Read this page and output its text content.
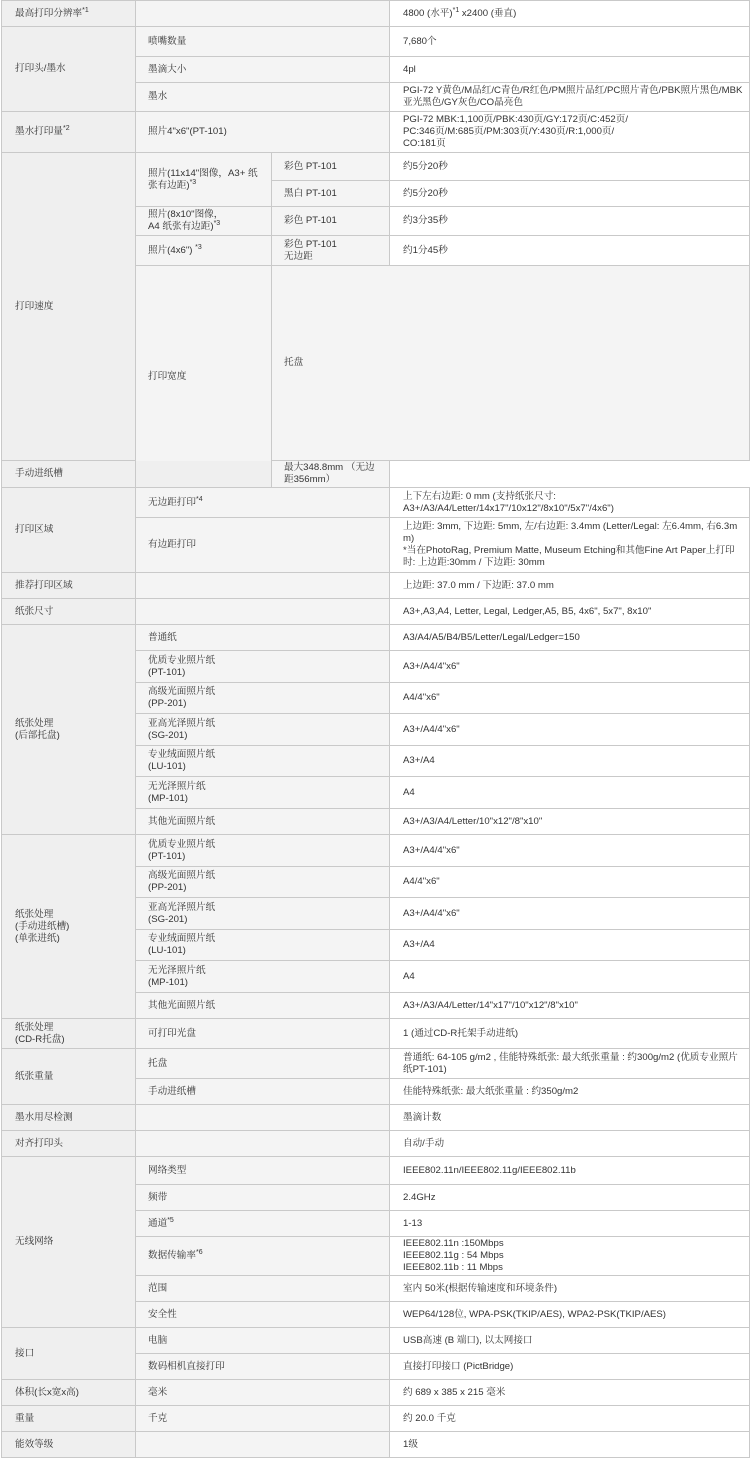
最高打印分辨率$^{*1}$			4800 (水平)$^{*1}$ x2400 (垂直)	
打印头/墨水	喷嘴数量		7,680个	
	墨滴大小		4pl	
	墨水		PGI-72 Y黄色/M品红/C青色/R红色/PM照片品红/PC照片青色/PBK照片黑色/MBK亚光黑色/GY灰色/CO晶亮色	
墨水打印量$^{*2}$	照片4"x6"(PT-101)		PGI-72 MBK:1,100页/PBK:430页/GY:172页/C:452页/
PC:346页/M:685页/PM:303页/Y:430页/R:1,000页/
CO:181页	
打印速度	照片(11x14"图像，A3+ 纸张有边距)$^{*3}$	彩色 PT-101	约5分20秒	
		黑白 PT-101	约5分20秒	
	照片(8x10"图像，
A4 纸张有边距)$^{*3}$	彩色 PT-101	约3分35秒	
	照片(4x6") $^{*3}$	彩色 PT-101
无边距	约1分45秒	
	打印宽度	托盘	
手动进纸槽		最大348.8mm （无边距356mm）		
打印区域	无边距打印$^{*4}$		上下左右边距: 0 mm (支持纸张尺寸:
A3+/A3/A4/Letter/14x17"/10x12"/8x10"/5x7"/4x6")	
	有边距打印		上边距: 3mm, 下边距: 5mm, 左/右边距: 3.4mm (Letter/Legal: 左6.4mm, 右6.3mm)
*当在PhotoRag, Premium Matte, Museum Etching和其他Fine Art Paper上打印时: 上边距:30mm / 下边距: 30mm	
推荐打印区域			上边距: 37.0 mm / 下边距: 37.0 mm	
纸张尺寸			A3+,A3,A4, Letter, Legal, Ledger,A5, B5, 4x6", 5x7", 8x10"	
纸张处理
(后部托盘)	普通纸		A3/A4/A5/B4/B5/Letter/Legal/Ledger=150	
	优质专业照片纸
(PT-101)		A3+/A4/4"x6"	
	高级光面照片纸
(PP-201)		A4/4"x6"	
	亚高光泽照片纸
(SG-201)		A3+/A4/4"x6"	
	专业绒面照片纸
(LU-101)		A3+/A4	
	无光泽照片纸
(MP-101)		A4	
	其他光面照片纸		A3+/A3/A4/Letter/10"x12"/8"x10"	
纸张处理
(手动进纸槽)
(单张进纸)	优质专业照片纸
(PT-101)		A3+/A4/4"x6"	
	高级光面照片纸
(PP-201)		A4/4"x6"	
	亚高光泽照片纸
(SG-201)		A3+/A4/4"x6"	
	专业绒面照片纸
(LU-101)		A3+/A4	
	无光泽照片纸
(MP-101)		A4	
	其他光面照片纸		A3+/A3/A4/Letter/14"x17"/10"x12"/8"x10"	
纸张处理
(CD-R托盘)	可打印光盘		1 (通过CD-R托架手动进纸)	
纸张重量	托盘		普通纸: 64-105 g/m2 , 佳能特殊纸张: 最大纸张重量 : 约300g/m2 (优质专业照片纸PT-101)	
	手动进纸槽		佳能特殊纸张: 最大纸张重量 : 约350g/m2	
墨水用尽检测			墨滴计数	
对齐打印头			自动/手动	
无线网络	网络类型		IEEE802.11n/IEEE802.11g/IEEE802.11b	
	频带		2.4GHz	
	通道$^{*5}$		1-13	
	数据传输率$^{*6}$		IEEE802.11n :150Mbps
IEEE802.11g : 54 Mbps
IEEE802.11b : 11 Mbps	
	范围		室内 50米(根据传输速度和环境条件)	
	安全性		WEP64/128位, WPA-PSK(TKIP/AES), WPA2-PSK(TKIP/AES)	
接口	电脑		USB高速 (B 端口), 以太网接口	
	数码相机直接打印		直接打印接口 (PictBridge)	
体积(长x宽x高)	毫米		约 689 x 385 x 215 毫米	
重量	千克		约 20.0 千克	
能效等级			1级	
